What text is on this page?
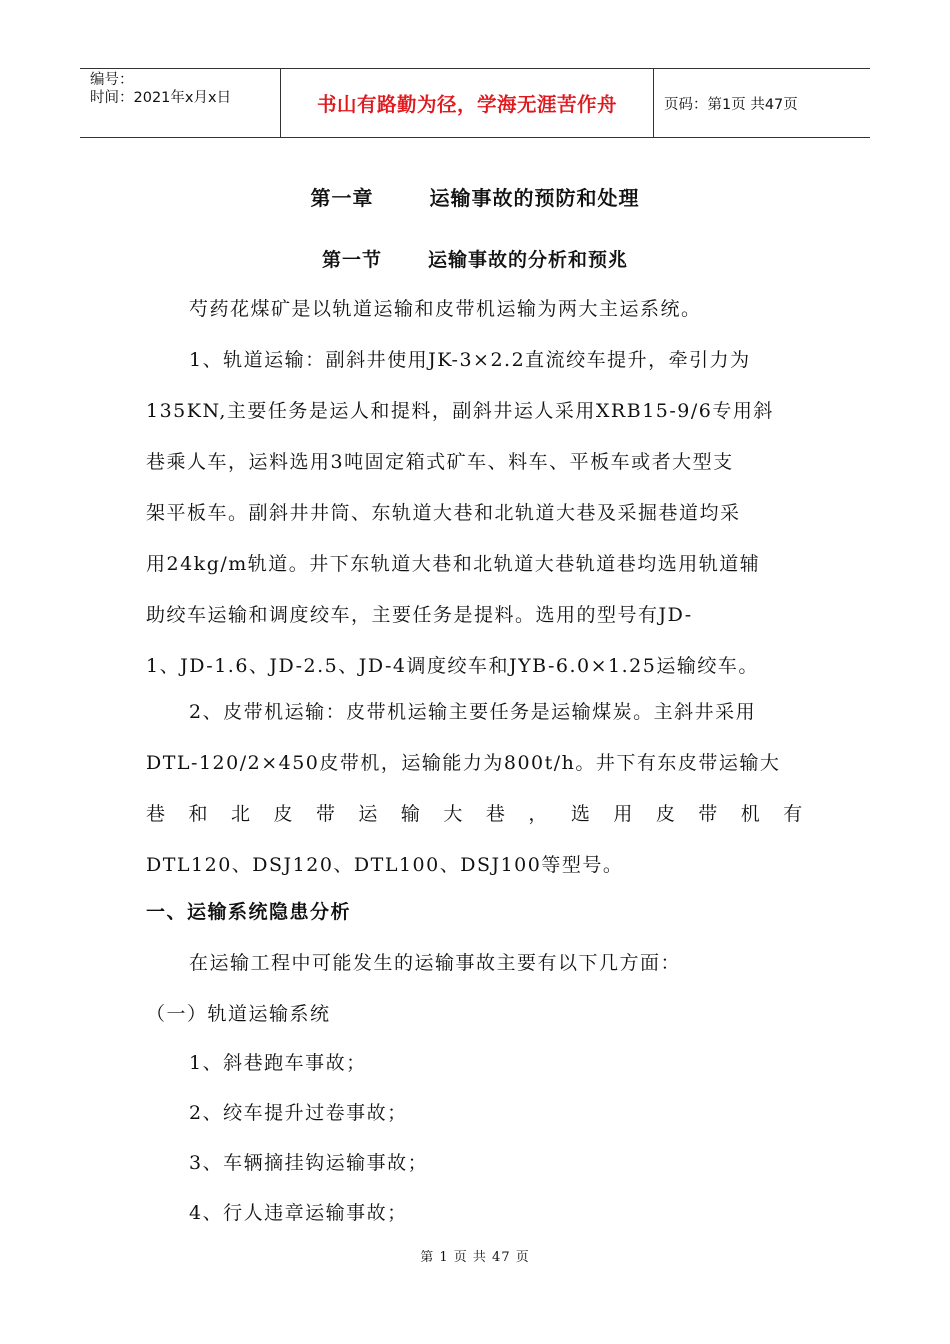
编号：
时间：2021年x月x日	书山有路勤为径，学海无涯苦作舟	页码：第1页 共47页
第一章	运输事故的预防和处理
第一节 运输事故的分析和预兆
芍药花煤矿是以轨道运输和皮带机运输为两大主运系统。
1、轨道运输：副斜井使用JK-3×2.2直流绞车提升，牵引力为
135KN,主要任务是运人和提料，副斜井运人采用XRB15-9/6专用斜
巷乘人车，运料选用3吨固定箱式矿车、料车、平板车或者大型支
架平板车。副斜井井筒、东轨道大巷和北轨道大巷及采掘巷道均采
用24kg/m轨道。井下东轨道大巷和北轨道大巷轨道巷均选用轨道辅
助绞车运输和调度绞车，主要任务是提料。选用的型号有JD-
1、JD-1.6、JD-2.5、JD-4调度绞车和JYB-6.0×1.25运输绞车。
2、皮带机运输：皮带机运输主要任务是运输煤炭。主斜井采用
DTL-120/2×450皮带机，运输能力为800t/h。井下有东皮带运输大
巷 和 北 皮 带 运 输 大 巷 ， 选 用 皮 带 机 有
DTL120、DSJ120、DTL100、DSJ100等型号。
一、运输系统隐患分析
在运输工程中可能发生的运输事故主要有以下几方面：
（一）轨道运输系统
1、斜巷跑车事故；
2、绞车提升过卷事故；
3、车辆摘挂钩运输事故；
4、行人违章运输事故；
第 1 页 共 47 页
